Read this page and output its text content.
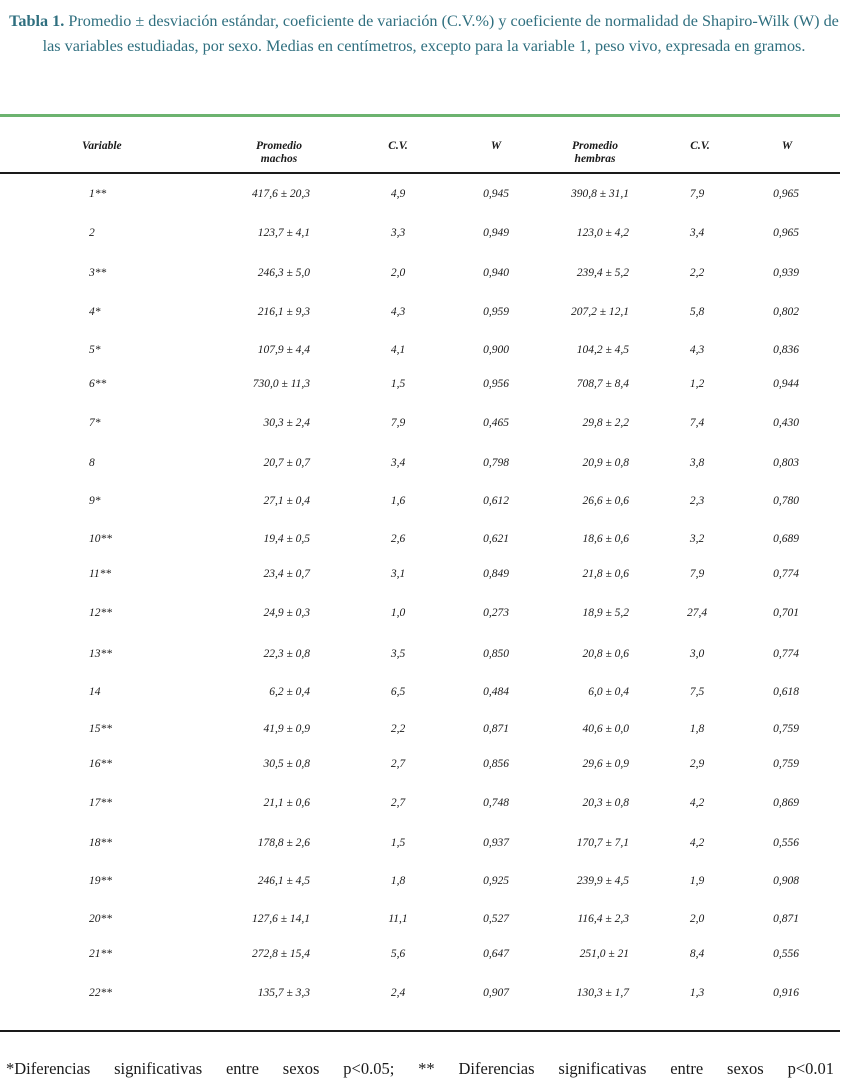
Tabla 1. Promedio ± desviación estándar, coeficiente de variación (C.V.%) y coeficiente de normalidad de Shapiro-Wilk (W) de las variables estudiadas, por sexo. Medias en centímetros, excepto para la variable 1, peso vivo, expresada en gramos.
Variable	Promedio
machos
C.V.	W	Promedio
hembras
C.V.	W
1**	417,6 ± 20,3	4,9	0,945	390,8 ± 31,1	7,9	0,965
2	123,7 ± 4,1	3,3	0,949	123,0 ± 4,2	3,4	0,965
3**	246,3 ± 5,0	2,0	0,940	239,4 ± 5,2	2,2	0,939
4*	216,1 ± 9,3	4,3	0,959	207,2 ± 12,1	5,8	0,802
5*	107,9 ± 4,4	4,1	0,900	104,2 ± 4,5	4,3	0,836
6**	730,0 ± 11,3	1,5	0,956	708,7 ± 8,4	1,2	0,944
7*	30,3 ± 2,4	7,9	0,465	29,8 ± 2,2	7,4	0,430
8	20,7 ± 0,7	3,4	0,798	20,9 ± 0,8	3,8	0,803
9*	27,1 ± 0,4	1,6	0,612	26,6 ± 0,6	2,3	0,780
10**	19,4 ± 0,5	2,6	0,621	18,6 ± 0,6	3,2	0,689
11**	23,4 ± 0,7	3,1	0,849	21,8 ± 0,6	7,9	0,774
12**	24,9 ± 0,3	1,0	0,273	18,9 ± 5,2	27,4	0,701
13**	22,3 ± 0,8	3,5	0,850	20,8 ± 0,6	3,0	0,774
14	6,2 ± 0,4	6,5	0,484	6,0 ± 0,4	7,5	0,618
15**	41,9 ± 0,9	2,2	0,871	40,6 ± 0,0	1,8	0,759
16**	30,5 ± 0,8	2,7	0,856	29,6 ± 0,9	2,9	0,759
17**	21,1 ± 0,6	2,7	0,748	20,3 ± 0,8	4,2	0,869
18**	178,8 ± 2,6	1,5	0,937	170,7 ± 7,1	4,2	0,556
19**	246,1 ± 4,5	1,8	0,925	239,9 ± 4,5	1,9	0,908
20**	127,6 ± 14,1	11,1	0,527	116,4 ± 2,3	2,0	0,871
21**	272,8 ± 15,4	5,6	0,647	251,0 ± 21	8,4	0,556
22**	135,7 ± 3,3	2,4	0,907	130,3 ± 1,7	1,3	0,916
*Diferencias significativas entre sexos p<0.05; ** Diferencias significativas entre sexos p<0.01
